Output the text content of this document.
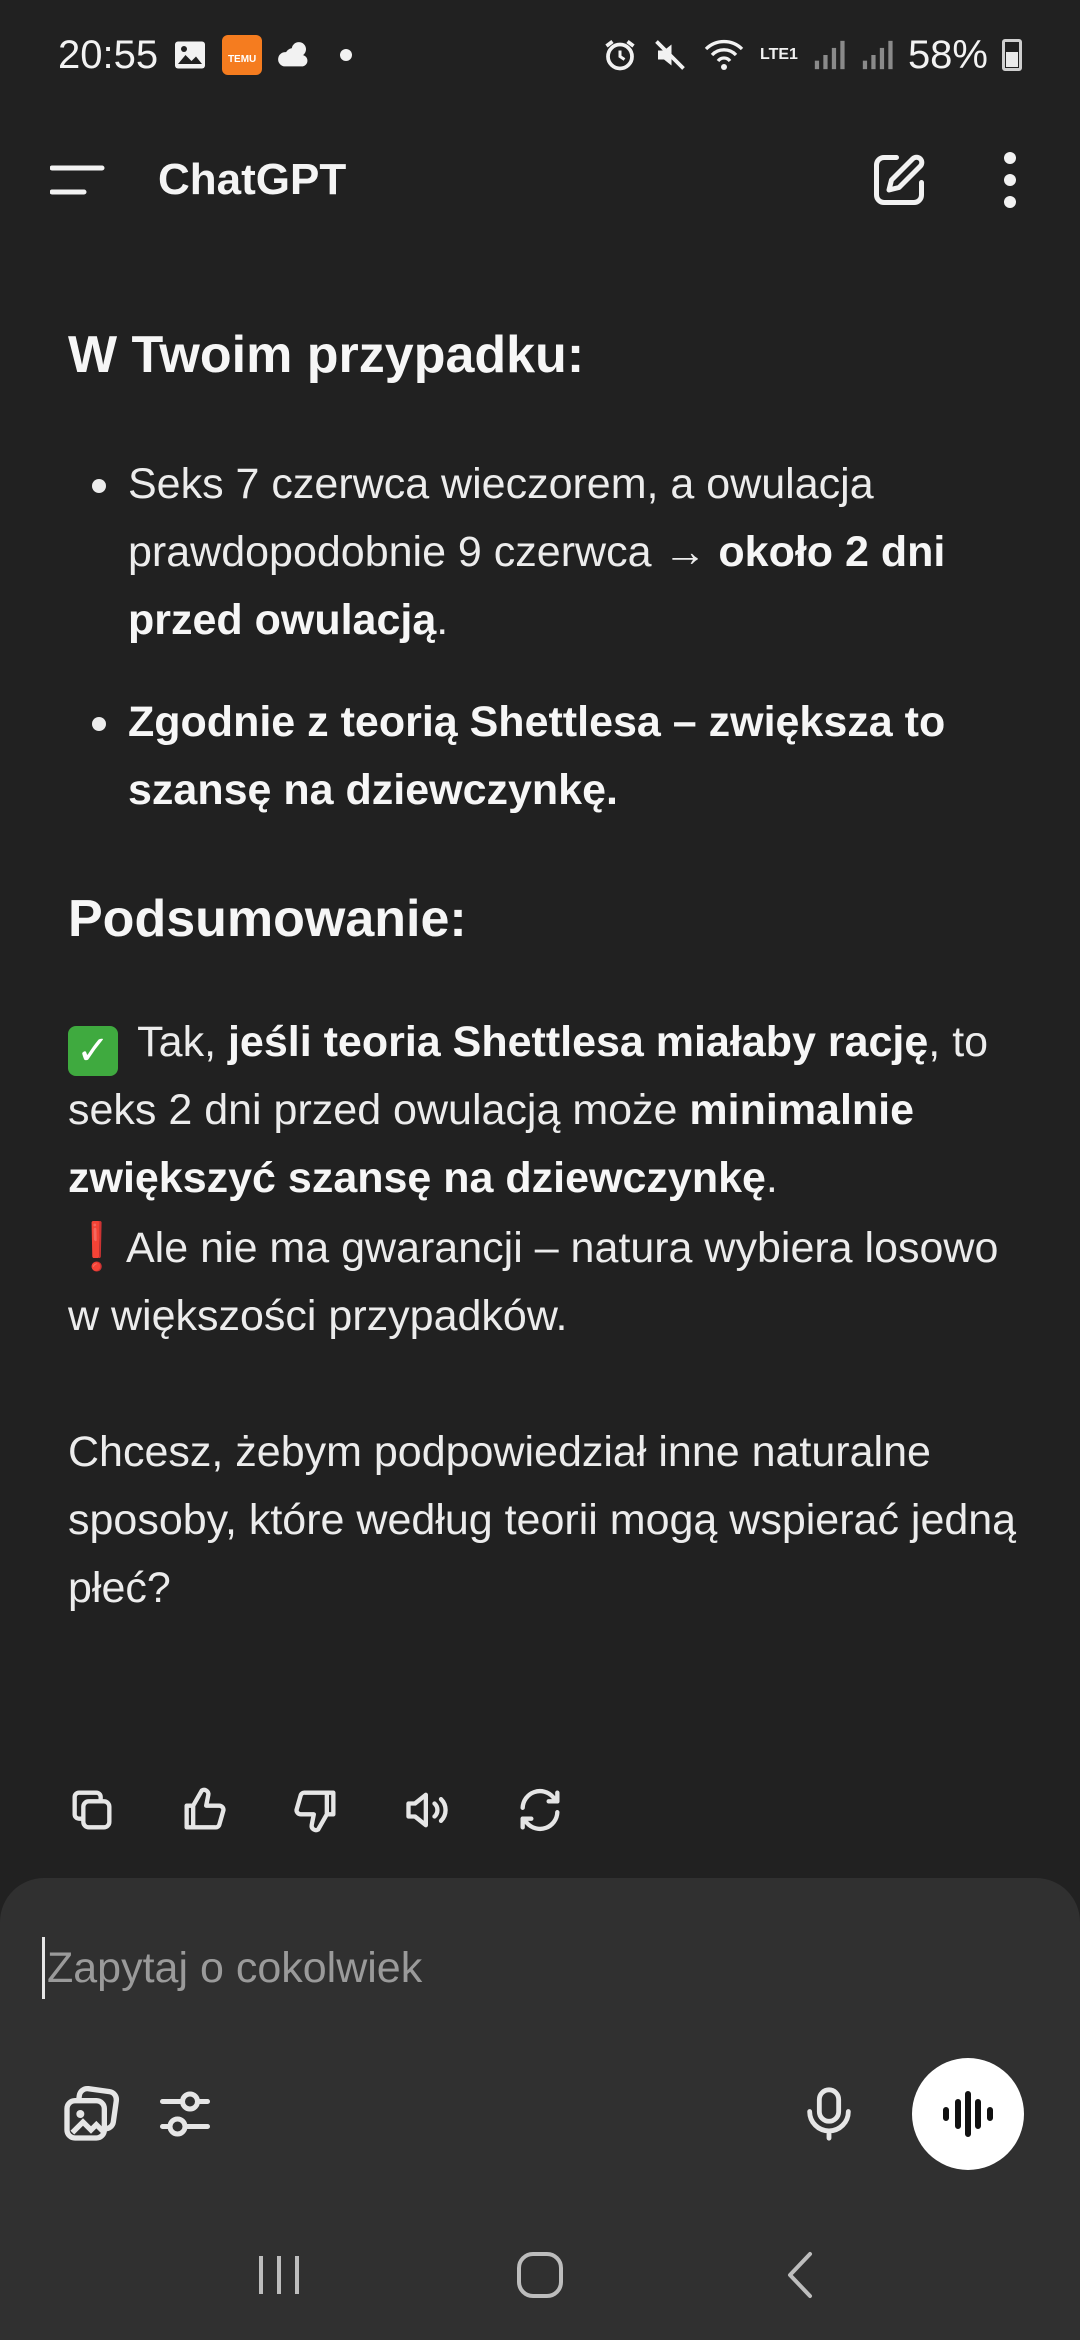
20:55	TEMU	LTE1	58%
ChatGPT
W Twoim przypadku:
Seks 7 czerwca wieczorem, a owulacja prawdopodobnie 9 czerwca → około 2 dni przed owulacją.
Zgodnie z teorią Shettlesa – zwiększa to szansę na dziewczynkę.
Podsumowanie:
✓ Tak, jeśli teoria Shettlesa miałaby rację, to seks 2 dni przed owulacją może minimalnie zwiększyć szansę na dziewczynkę.
❗Ale nie ma gwarancji – natura wybiera losowo w większości przypadków.
Chcesz, żebym podpowiedział inne naturalne sposoby, które według teorii mogą wspierać jedną płeć?
Zapytaj o cokolwiek
